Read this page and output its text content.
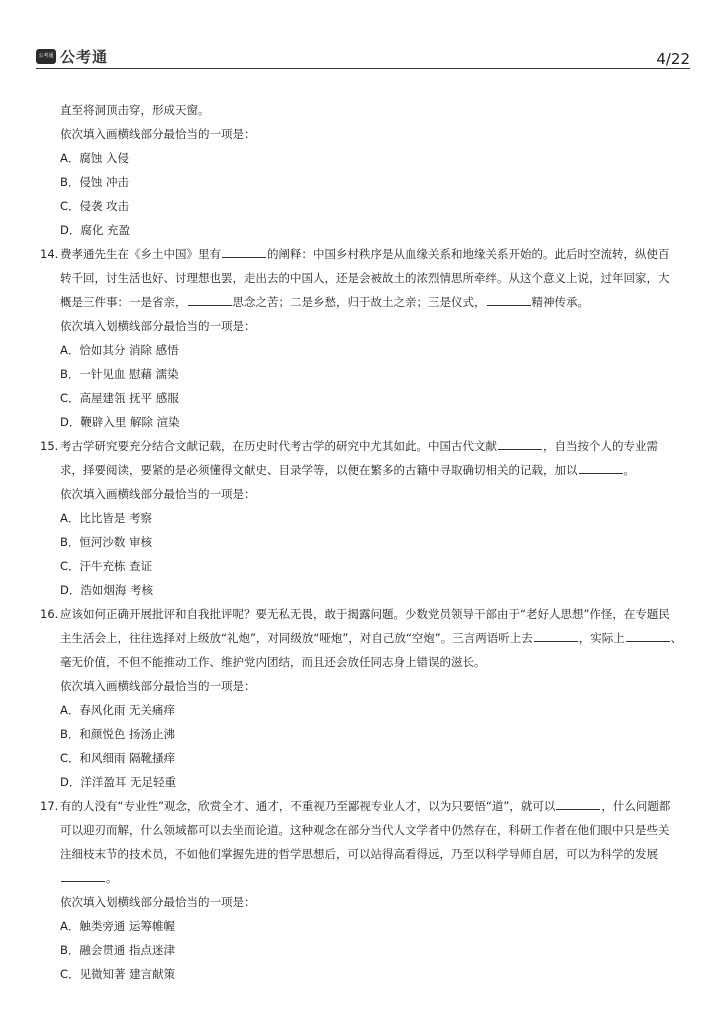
公考通 公考通	4/22
直至将洞顶击穿，形成天窗。
依次填入画横线部分最恰当的一项是：
A．腐蚀 入侵
B．侵蚀 冲击
C．侵袭 攻击
D．腐化 充盈
14. 费孝通先生在《乡土中国》里有	的阐释：中国乡村秩序是从血缘关系和地缘关系开始的。此后时空流转，纵使百
转千回，讨生活也好、讨理想也罢，走出去的中国人，还是会被故土的浓烈情思所牵绊。从这个意义上说，过年回家，大
概是三件事：一是省亲，	思念之苦；二是乡愁，归于故土之亲；三是仪式，	精神传承。
依次填入划横线部分最恰当的一项是：
A．恰如其分 消除 感悟
B．一针见血 慰藉 濡染
C．高屋建瓴 抚平 感服
D．鞭辟入里 解除 渲染
15. 考古学研究要充分结合文献记载，在历史时代考古学的研究中尤其如此。中国古代文献	，自当按个人的专业需
求，择要阅读，要紧的是必须懂得文献史、目录学等，以便在繁多的古籍中寻取确切相关的记载，加以	。
依次填入画横线部分最恰当的一项是：
A．比比皆是 考察
B．恒河沙数 审核
C．汗牛充栋 查证
D．浩如烟海 考核
16. 应该如何正确开展批评和自我批评呢？要无私无畏，敢于揭露问题。少数党员领导干部由于“老好人思想”作怪，在专题民
主生活会上，往往选择对上级放“礼炮”，对同级放“哑炮”，对自己放“空炮”。三言两语听上去	，实际上	、
毫无价值，不但不能推动工作、维护党内团结，而且还会放任同志身上错误的滋长。
依次填入画横线部分最恰当的一项是：
A．春风化雨 无关痛痒
B．和颜悦色 扬汤止沸
C．和风细雨 隔靴搔痒
D．洋洋盈耳 无足轻重
17. 有的人没有“专业性”观念，欣赏全才、通才，不重视乃至鄙视专业人才，以为只要悟“道”，就可以	，什么问题都
可以迎刃而解，什么领域都可以去坐而论道。这种观念在部分当代人文学者中仍然存在，科研工作者在他们眼中只是些关
注细枝末节的技术员，不如他们掌握先进的哲学思想后，可以站得高看得远，乃至以科学导师自居，可以为科学的发展
。
依次填入划横线部分最恰当的一项是：
A．触类旁通 运筹帷幄
B．融会贯通 指点迷津
C．见微知著 建言献策
